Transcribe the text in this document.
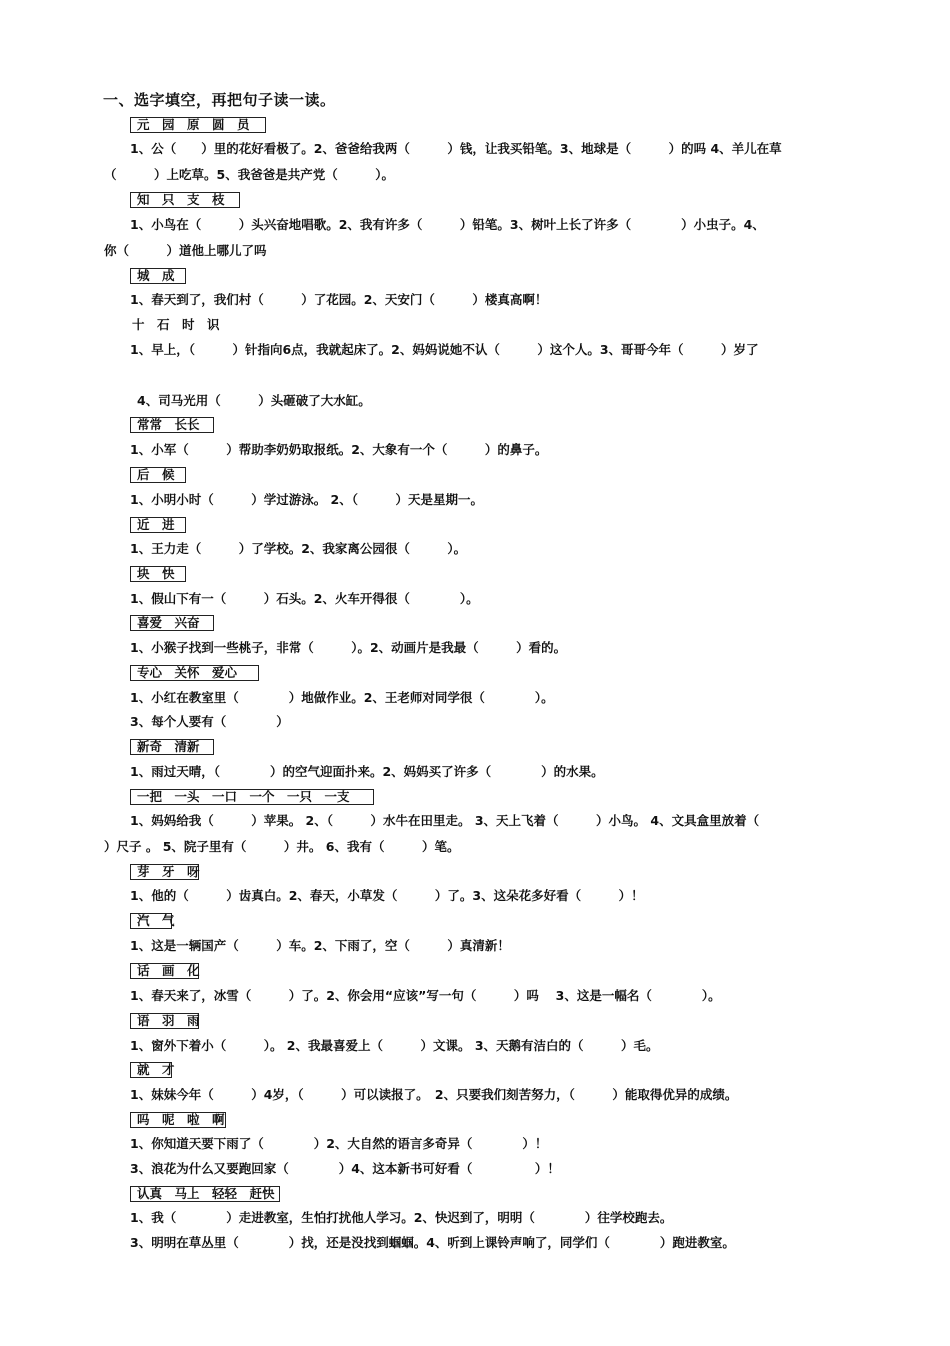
一、选字填空，再把句子读一读。
元　园　原　圆　员
1、公（　　）里的花好看极了。2、爸爸给我两（　　　）钱，让我买铅笔。3、地球是（　　　）的吗 4、羊儿在草
（　　　）上吃草。5、我爸爸是共产党（　　　）。
知　只　支　枝
1、小鸟在（　　　）头兴奋地唱歌。2、我有许多（　　　）铅笔。3、树叶上长了许多（　　　　）小虫子。4、
你（　　　）道他上哪儿了吗
城　成
1、春天到了，我们村（　　　）了花园。2、天安门（　　　）楼真高啊！
十　石　时　识
1、早上，（　　　）针指向6点，我就起床了。2、妈妈说她不认（　　　）这个人。3、哥哥今年（　　　）岁了
4、司马光用（　　　）头砸破了大水缸。
常常　长长
1、小军（　　　）帮助李奶奶取报纸。2、大象有一个（　　　）的鼻子。
后　候
1、小明小时（　　　）学过游泳。 2、（　　　）天是星期一。
近　进
1、王力走（　　　）了学校。2、我家离公园很（　　　）。
块　快
1、假山下有一（　　　）石头。2、火车开得很（　　　　）。
喜爱　兴奋
1、小猴子找到一些桃子，非常（　　　）。2、动画片是我最（　　　）看的。
专心　关怀　爱心
1、小红在教室里（　　　　）地做作业。2、王老师对同学很（　　　　）。
3、每个人要有（　　　　）
新奇　清新
1、雨过天晴，（　　　　）的空气迎面扑来。2、妈妈买了许多（　　　　）的水果。
一把　一头　一口　一个　一只　一支
1、妈妈给我（　　　）苹果。 2、（　　　）水牛在田里走。 3、天上飞着（　　　）小鸟。 4、文具盒里放着（
）尺子 。 5、院子里有（　　　）井。 6、我有（　　　）笔。
芽　牙　呀
1、他的（　　　）齿真白。2、春天，小草发（　　　）了。3、这朵花多好看（　　　）！
汽　气
1、这是一辆国产（　　　）车。2、下雨了，空（　　　）真清新！
话　画　化
1、春天来了，冰雪（　　　）了。2、你会用“应该”写一句（　　　）吗　 3、这是一幅名（　　　　）。
语　羽　雨
1、窗外下着小（　　　）。 2、我最喜爱上（　　　）文课。 3、天鹅有洁白的（　　　）毛。
就　才
1、妹妹今年（　　　）4岁，（　　　）可以读报了。　2、只要我们刻苦努力，（　　　）能取得优异的成绩。
吗　呢　啦　啊
1、你知道天要下雨了（　　　　）2、大自然的语言多奇异（　　　　）！
3、浪花为什么又要跑回家（　　　　）4、这本新书可好看（　　　　　）！
认真　马上　轻轻　赶快
1、我（　　　　）走进教室，生怕打扰他人学习。2、快迟到了，明明（　　　　）往学校跑去。
3、明明在草丛里（　　　　）找，还是没找到蝈蝈。4、听到上课铃声响了，同学们（　　　　）跑进教室。
